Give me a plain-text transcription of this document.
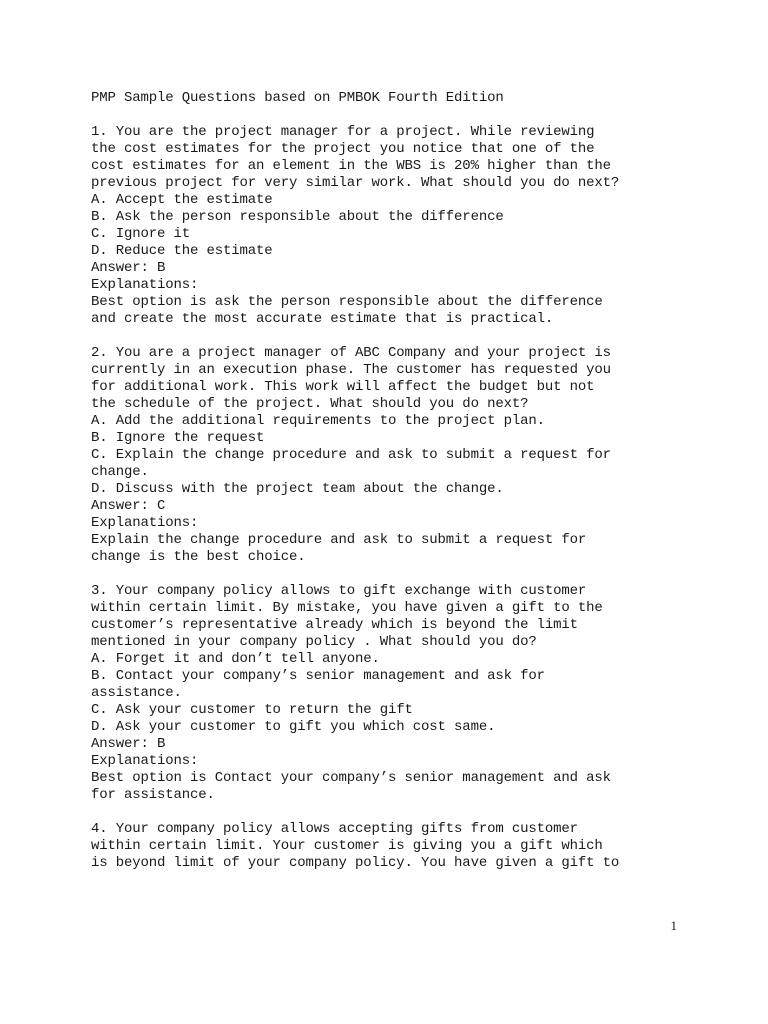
PMP Sample Questions based on PMBOK Fourth Edition
1. You are the project manager for a project. While reviewing
the cost estimates for the project you notice that one of the
cost estimates for an element in the WBS is 20% higher than the
previous project for very similar work. What should you do next?
A. Accept the estimate
B. Ask the person responsible about the difference
C. Ignore it
D. Reduce the estimate
Answer: B
Explanations:
Best option is ask the person responsible about the difference
and create the most accurate estimate that is practical.
2. You are a project manager of ABC Company and your project is
currently in an execution phase. The customer has requested you
for additional work. This work will affect the budget but not
the schedule of the project. What should you do next?
A. Add the additional requirements to the project plan.
B. Ignore the request
C. Explain the change procedure and ask to submit a request for
change.
D. Discuss with the project team about the change.
Answer: C
Explanations:
Explain the change procedure and ask to submit a request for
change is the best choice.
3. Your company policy allows to gift exchange with customer
within certain limit. By mistake, you have given a gift to the
customer’s representative already which is beyond the limit
mentioned in your company policy . What should you do?
A. Forget it and don’t tell anyone.
B. Contact your company’s senior management and ask for
assistance.
C. Ask your customer to return the gift
D. Ask your customer to gift you which cost same.
Answer: B
Explanations:
Best option is Contact your company’s senior management and ask
for assistance.
4. Your company policy allows accepting gifts from customer
within certain limit. Your customer is giving you a gift which
is beyond limit of your company policy. You have given a gift to
1
